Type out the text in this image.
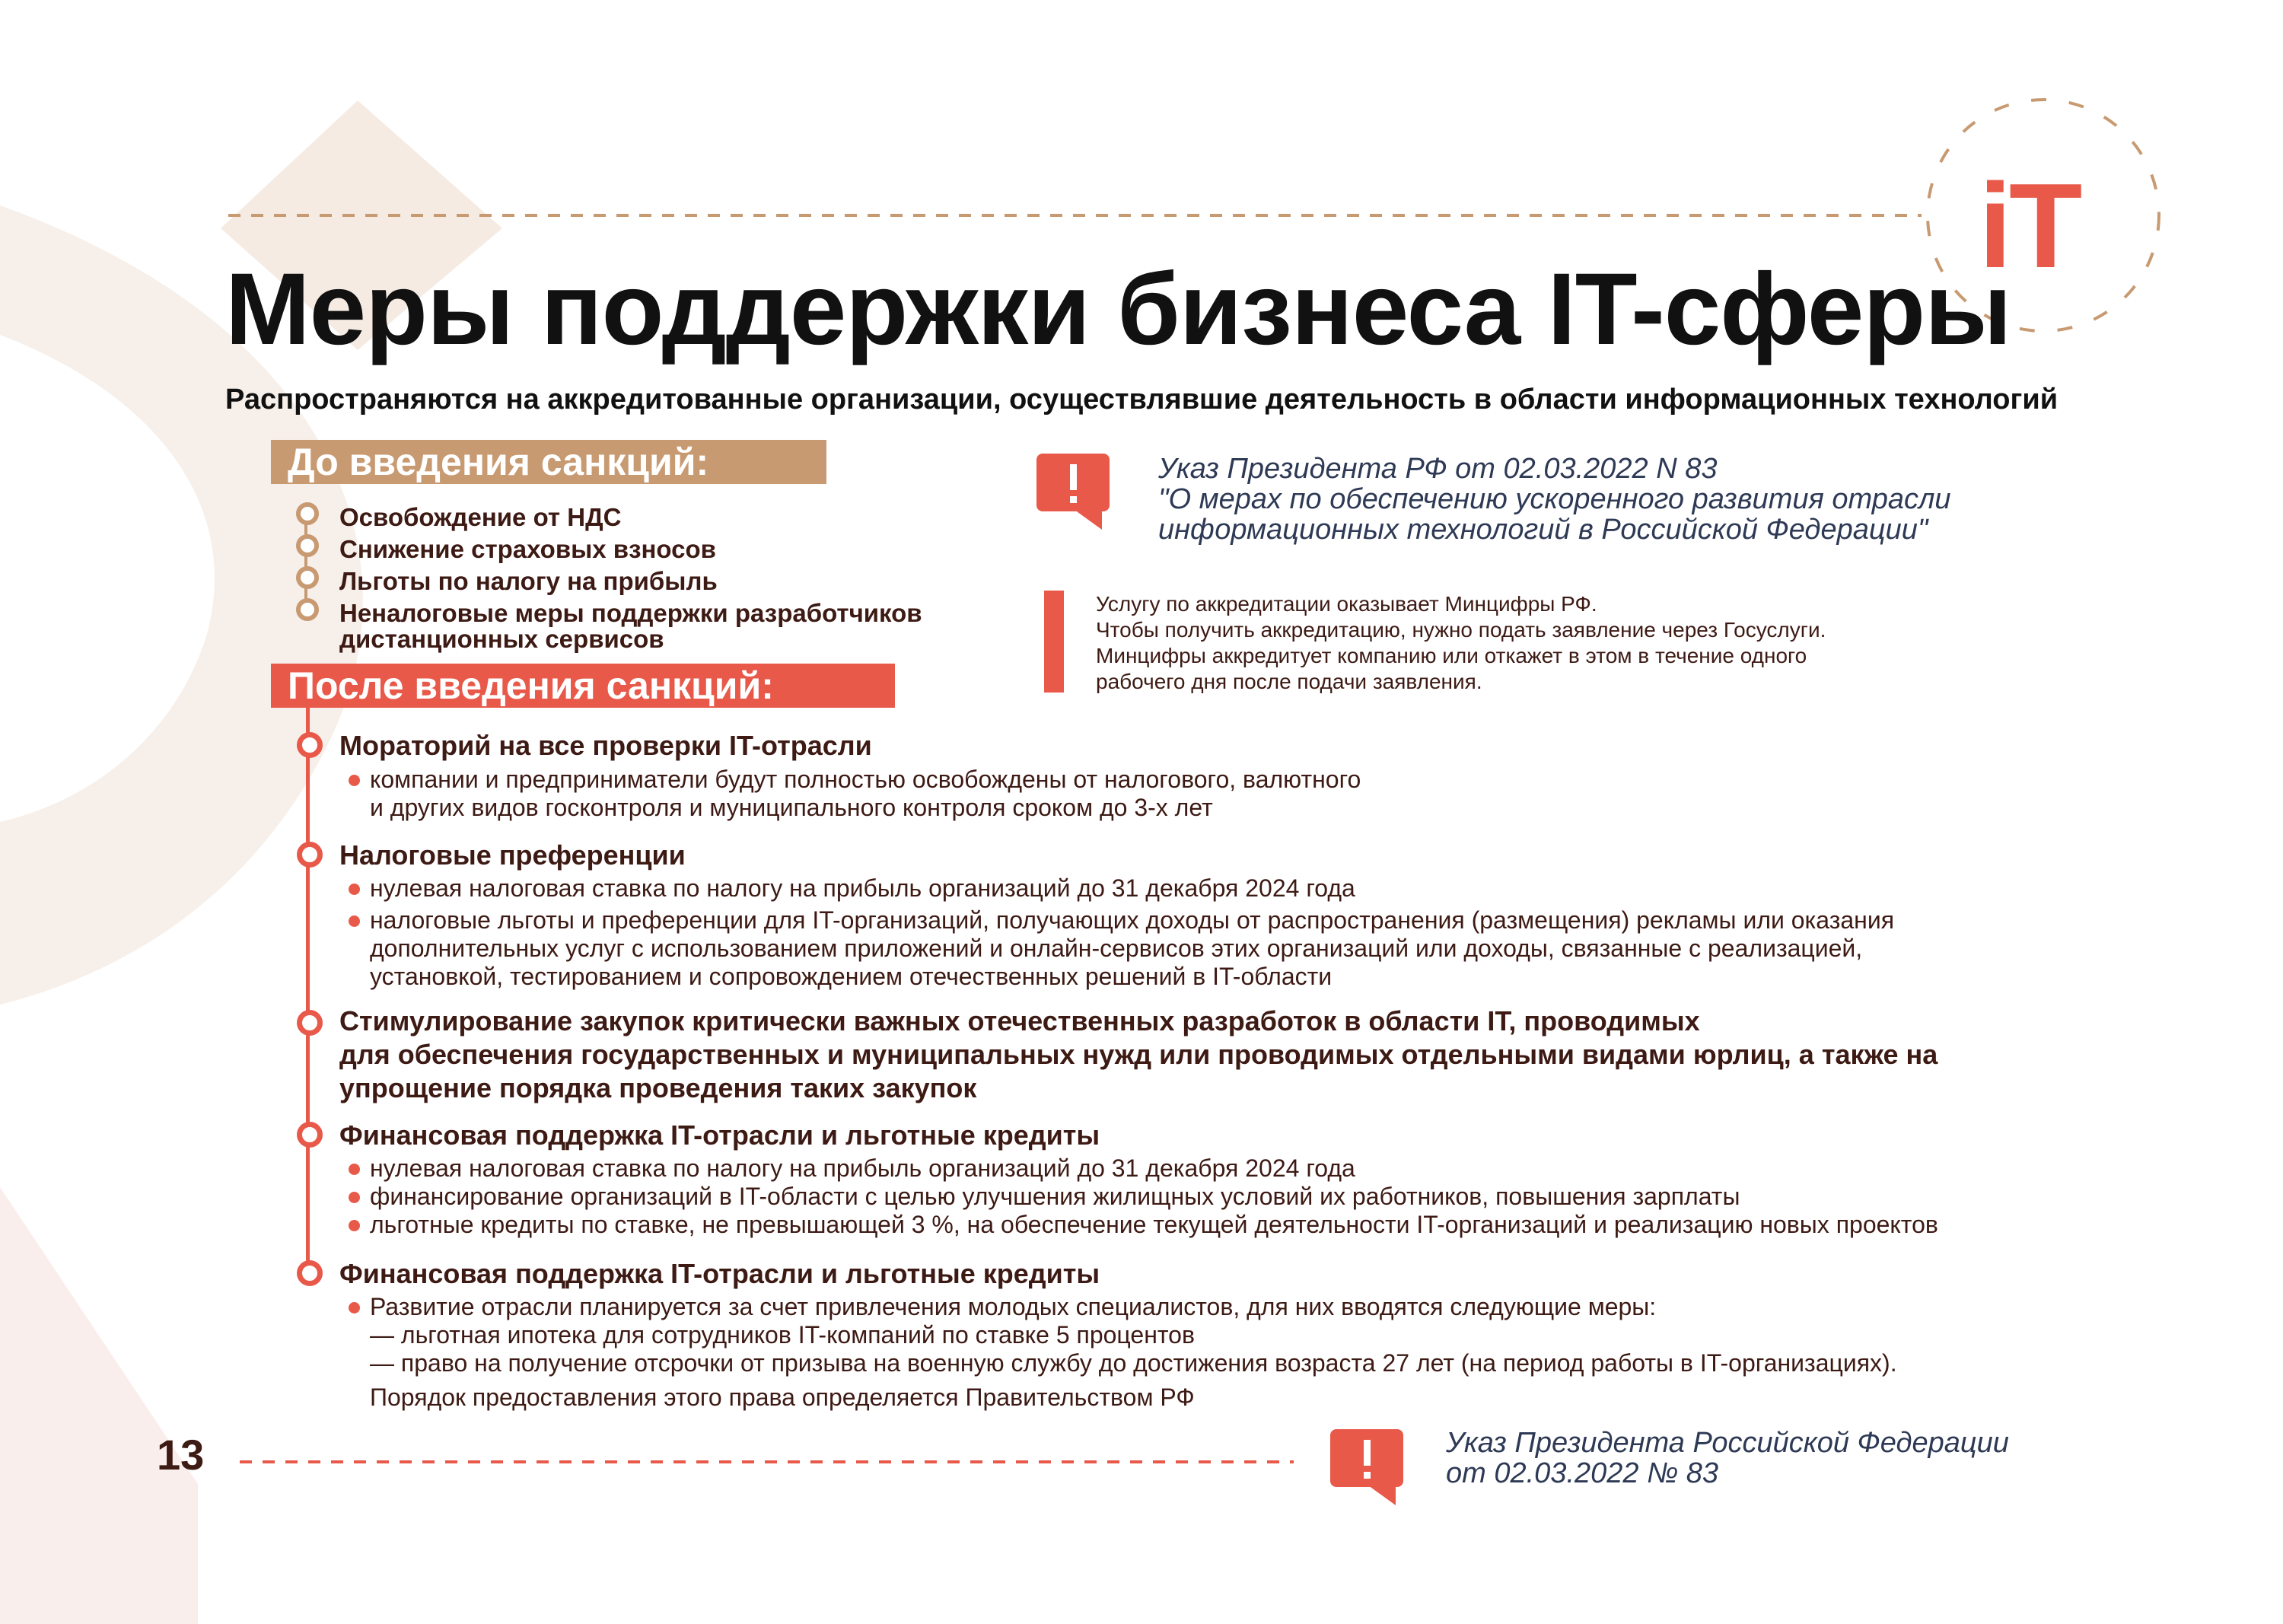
iT
Меры поддержки бизнеса IT-сферы
Распространяются на аккредитованные организации, осуществлявшие деятельность в области информационных технологий
До введения санкций:
Освобождение от НДС
Снижение страховых взносов
Льготы по налогу на прибыль
Неналоговые меры поддержки разработчиков
дистанционных сервисов
Указ Президента РФ от 02.03.2022 N 83
"О мерах по обеспечению ускоренного развития отрасли
информационных технологий в Российской Федерации"
Услугу по аккредитации оказывает Минцифры РФ.
Чтобы получить аккредитацию, нужно подать заявление через Госуслуги.
Минцифры аккредитует компанию или откажет в этом в течение одного
рабочего дня после подачи заявления.
После введения санкций:
Мораторий на все проверки IT-отрасли
компании и предприниматели будут полностью освобождены от налогового, валютного
и других видов госконтроля и муниципального контроля сроком до 3-х лет
Налоговые преференции
нулевая налоговая ставка по налогу на прибыль организаций до 31 декабря 2024 года
налоговые льготы и преференции для IT-организаций, получающих доходы от распространения (размещения) рекламы или оказания
дополнительных услуг с использованием приложений и онлайн-сервисов этих организаций или доходы, связанные с реализацией,
установкой, тестированием и сопровождением отечественных решений в IT-области
Стимулирование закупок критически важных отечественных разработок в области IT, проводимых
для обеспечения государственных и муниципальных нужд или проводимых отдельными видами юрлиц, а также на
упрощение порядка проведения таких закупок
Финансовая поддержка IT-отрасли и льготные кредиты
нулевая налоговая ставка по налогу на прибыль организаций до 31 декабря 2024 года
финансирование организаций в IT-области с целью улучшения жилищных условий их работников, повышения зарплаты
льготные кредиты по ставке, не превышающей 3 %, на обеспечение текущей деятельности IT-организаций и реализацию новых проектов
Финансовая поддержка IT-отрасли и льготные кредиты
Развитие отрасли планируется за счет привлечения молодых специалистов, для них вводятся следующие меры:
— льготная ипотека для сотрудников IT-компаний по ставке 5 процентов
— право на получение отсрочки от призыва на военную службу до достижения возраста 27 лет (на период работы в IT-организациях).
Порядок предоставления этого права определяется Правительством РФ
13	Указ Президента Российской Федерации
от 02.03.2022 № 83
